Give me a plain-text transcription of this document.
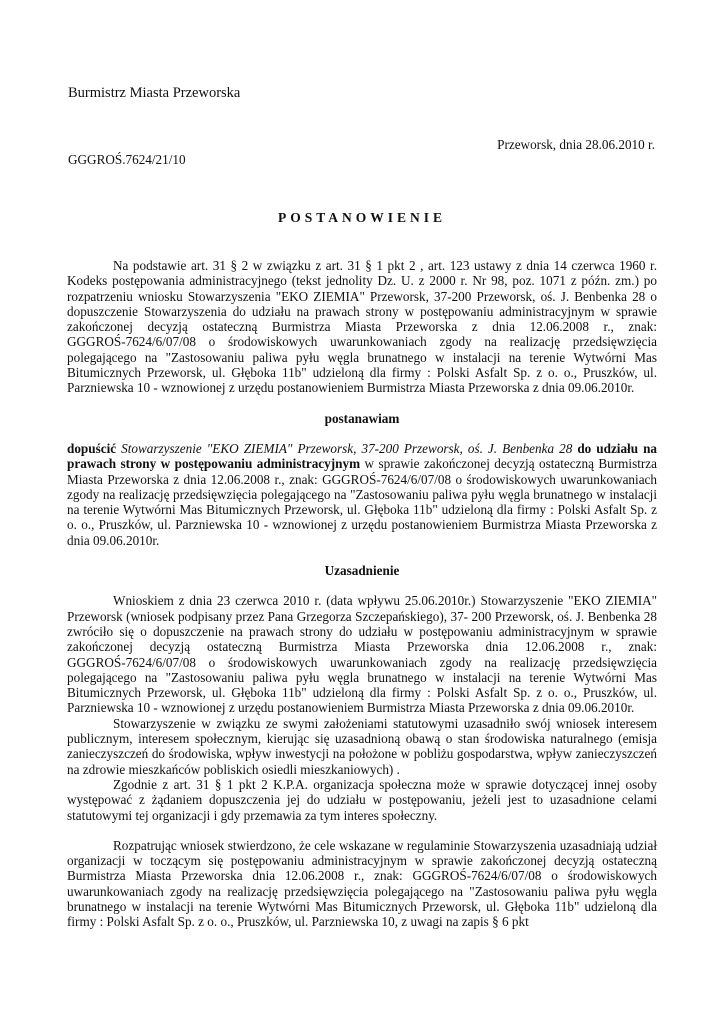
Burmistrz Miasta Przeworska

Przeworsk, dnia 28.06.2010 r.

GGGROŚ.7624/21/10

POSTANOWIENIE

Na podstawie art. 31 § 2 w związku z art. 31 § 1 pkt 2 , art. 123 ustawy z dnia 14 czerwca 1960 r. Kodeks postępowania administracyjnego (tekst jednolity Dz. U. z 2000 r. Nr 98, poz. 1071 z późn. zm.) po rozpatrzeniu wniosku Stowarzyszenia "EKO ZIEMIA" Przeworsk, 37-200 Przeworsk, oś. J. Benbenka 28 o dopuszczenie Stowarzyszenia do udziału na prawach strony w postępowaniu administracyjnym w sprawie zakończonej decyzją ostateczną Burmistrza Miasta Przeworska z dnia 12.06.2008 r., znak: GGGROŚ-7624/6/07/08 o środowiskowych uwarunkowaniach zgody na realizację przedsięwzięcia polegającego na "Zastosowaniu paliwa pyłu węgla brunatnego w instalacji na terenie Wytwórni Mas Bitumicznych Przeworsk, ul. Głęboka 11b" udzieloną dla firmy : Polski Asfalt Sp. z o. o., Pruszków, ul. Parzniewska 10 - wznowionej z urzędu postanowieniem Burmistrza Miasta Przeworska z dnia 09.06.2010r.

postanawiam

dopuścić Stowarzyszenie "EKO ZIEMIA" Przeworsk, 37-200 Przeworsk, oś. J. Benbenka 28 do udziału na prawach strony w postępowaniu administracyjnym w sprawie zakończonej decyzją ostateczną Burmistrza Miasta Przeworska z dnia 12.06.2008 r., znak: GGGROŚ-7624/6/07/08 o środowiskowych uwarunkowaniach zgody na realizację przedsięwzięcia polegającego na "Zastosowaniu paliwa pyłu węgla brunatnego w instalacji na terenie Wytwórni Mas Bitumicznych Przeworsk, ul. Głęboka 11b" udzieloną dla firmy : Polski Asfalt Sp. z o. o., Pruszków, ul. Parzniewska 10 - wznowionej z urzędu postanowieniem Burmistrza Miasta Przeworska z dnia 09.06.2010r.

Uzasadnienie

Wnioskiem z dnia 23 czerwca 2010 r. (data wpływu 25.06.2010r.) Stowarzyszenie "EKO ZIEMIA" Przeworsk (wniosek podpisany przez Pana Grzegorza Szczepańskiego), 37- 200 Przeworsk, oś. J. Benbenka 28 zwróciło się o dopuszczenie na prawach strony do udziału w postępowaniu administracyjnym w sprawie zakończonej decyzją ostateczną Burmistrza Miasta Przeworska dnia 12.06.2008 r., znak: GGGROŚ-7624/6/07/08 o środowiskowych uwarunkowaniach zgody na realizację przedsięwzięcia polegającego na "Zastosowaniu paliwa pyłu węgla brunatnego w instalacji na terenie Wytwórni Mas Bitumicznych Przeworsk, ul. Głęboka 11b" udzieloną dla firmy : Polski Asfalt Sp. z o. o., Pruszków, ul. Parzniewska 10 - wznowionej z urzędu postanowieniem Burmistrza Miasta Przeworska z dnia 09.06.2010r.

Stowarzyszenie w związku ze swymi założeniami statutowymi uzasadniło swój wniosek interesem publicznym, interesem społecznym, kierując się uzasadnioną obawą o stan środowiska naturalnego (emisja zanieczyszczeń do środowiska, wpływ inwestycji na położone w pobliżu gospodarstwa, wpływ zanieczyszczeń na zdrowie mieszkańców pobliskich osiedli mieszkaniowych) .

Zgodnie z art. 31 § 1 pkt 2 K.P.A. organizacja społeczna może w sprawie dotyczącej innej osoby występować z żądaniem dopuszczenia jej do udziału w postępowaniu, jeżeli jest to uzasadnione celami statutowymi tej organizacji i gdy przemawia za tym interes społeczny.

Rozpatrując wniosek stwierdzono, że cele wskazane w regulaminie Stowarzyszenia uzasadniają udział organizacji w toczącym się postępowaniu administracyjnym w sprawie zakończonej decyzją ostateczną Burmistrza Miasta Przeworska dnia 12.06.2008 r., znak: GGGROŚ-7624/6/07/08 o środowiskowych uwarunkowaniach zgody na realizację przedsięwzięcia polegającego na "Zastosowaniu paliwa pyłu węgla brunatnego w instalacji na terenie Wytwórni Mas Bitumicznych Przeworsk, ul. Głęboka 11b" udzieloną dla firmy : Polski Asfalt Sp. z o. o., Pruszków, ul. Parzniewska 10, z uwagi na zapis § 6 pkt
